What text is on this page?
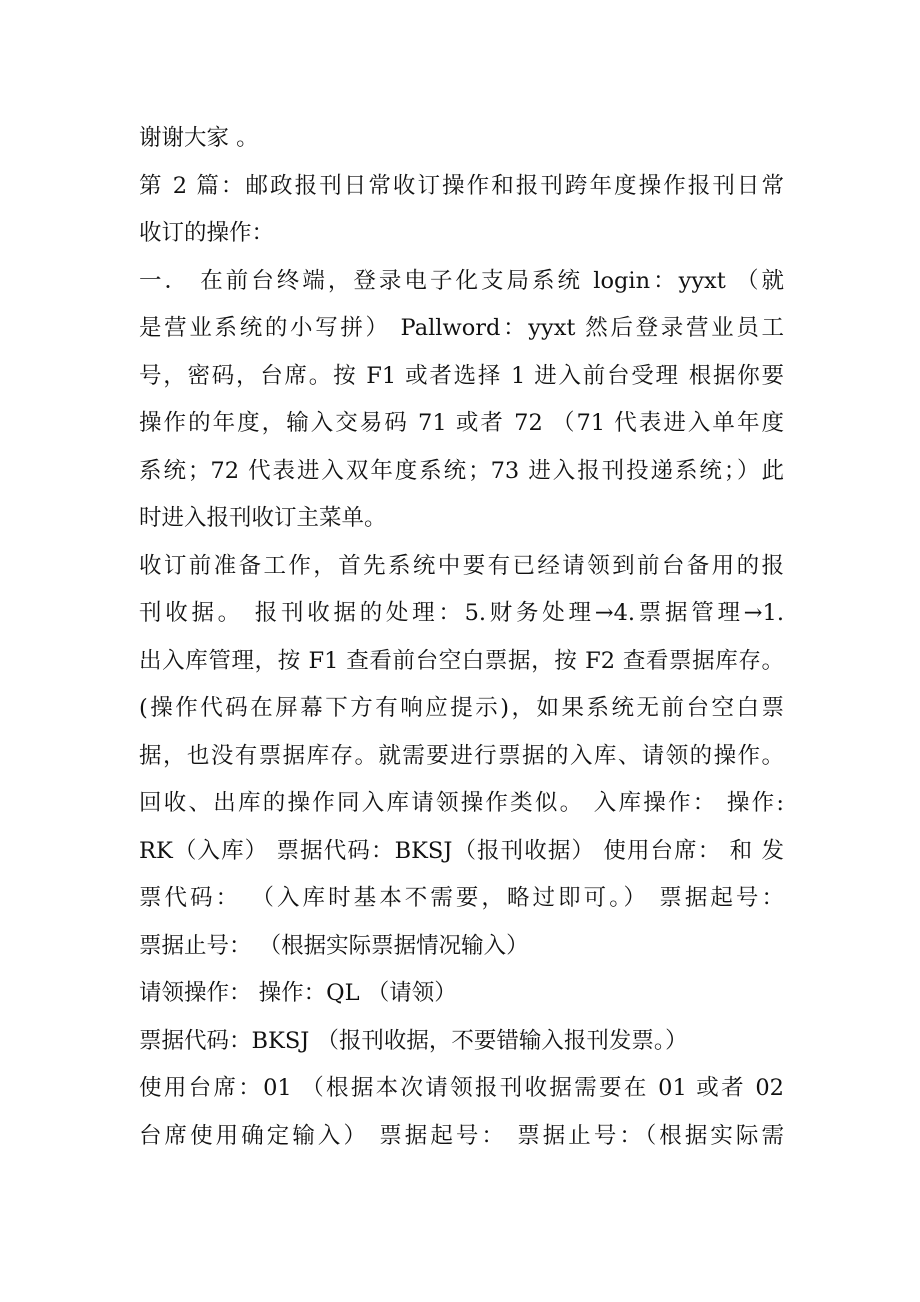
谢谢大家 。
第 2 篇：邮政报刊日常收订操作和报刊跨年度操作报刊日常
收订的操作：
一． 在前台终端，登录电子化支局系统 login：yyxt （就
是营业系统的小写拼） Pallword：yyxt 然后登录营业员工
号，密码，台席。按 F1 或者选择 1 进入前台受理 根据你要
操作的年度，输入交易码 71 或者 72 （71 代表进入单年度
系统；72 代表进入双年度系统；73 进入报刊投递系统；）此
时进入报刊收订主菜单。
收订前准备工作，首先系统中要有已经请领到前台备用的报
刊收据。 报刊收据的处理：5.财务处理→4.票据管理→1.
出入库管理，按 F1 查看前台空白票据，按 F2 查看票据库存。
(操作代码在屏幕下方有响应提示)，如果系统无前台空白票
据，也没有票据库存。就需要进行票据的入库、请领的操作。
回收、出库的操作同入库请领操作类似。 入库操作： 操作:
RK（入库） 票据代码：BKSJ（报刊收据） 使用台席： 和 发
票代码： （入库时基本不需要，略过即可。） 票据起号：
票据止号： （根据实际票据情况输入）
请领操作： 操作：QL （请领）
票据代码：BKSJ （报刊收据，不要错输入报刊发票。）
使用台席：01 （根据本次请领报刊收据需要在 01 或者 02
台席使用确定输入） 票据起号： 票据止号：（根据实际需
